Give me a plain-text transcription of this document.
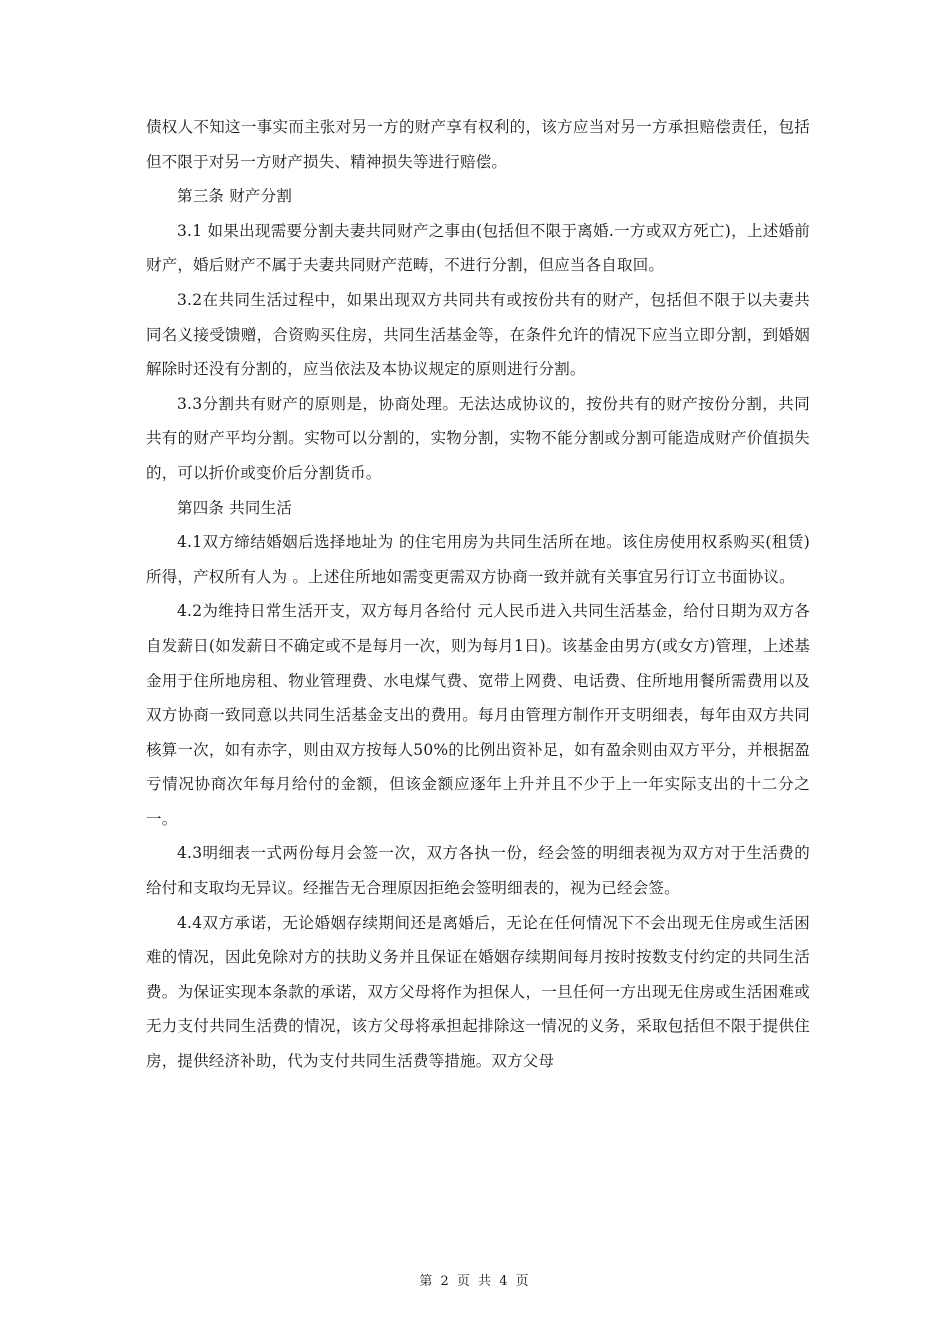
债权人不知这一事实而主张对另一方的财产享有权利的，该方应当对另一方承担赔偿责任，包括但不限于对另一方财产损失、精神损失等进行赔偿。

第三条 财产分割

3.1 如果出现需要分割夫妻共同财产之事由(包括但不限于离婚.一方或双方死亡)，上述婚前财产，婚后财产不属于夫妻共同财产范畴，不进行分割，但应当各自取回。

3.2在共同生活过程中，如果出现双方共同共有或按份共有的财产，包括但不限于以夫妻共同名义接受馈赠，合资购买住房，共同生活基金等，在条件允许的情况下应当立即分割，到婚姻解除时还没有分割的，应当依法及本协议规定的原则进行分割。

3.3分割共有财产的原则是，协商处理。无法达成协议的，按份共有的财产按份分割，共同共有的财产平均分割。实物可以分割的，实物分割，实物不能分割或分割可能造成财产价值损失的，可以折价或变价后分割货币。

第四条 共同生活

4.1双方缔结婚姻后选择地址为 的住宅用房为共同生活所在地。该住房使用权系购买(租赁)所得，产权所有人为 。上述住所地如需变更需双方协商一致并就有关事宜另行订立书面协议。

4.2为维持日常生活开支，双方每月各给付 元人民币进入共同生活基金，给付日期为双方各自发薪日(如发薪日不确定或不是每月一次，则为每月1日)。该基金由男方(或女方)管理，上述基金用于住所地房租、物业管理费、水电煤气费、宽带上网费、电话费、住所地用餐所需费用以及双方协商一致同意以共同生活基金支出的费用。每月由管理方制作开支明细表，每年由双方共同核算一次，如有赤字，则由双方按每人50%的比例出资补足，如有盈余则由双方平分，并根据盈亏情况协商次年每月给付的金额，但该金额应逐年上升并且不少于上一年实际支出的十二分之一。

4.3明细表一式两份每月会签一次，双方各执一份，经会签的明细表视为双方对于生活费的给付和支取均无异议。经摧告无合理原因拒绝会签明细表的，视为已经会签。

4.4双方承诺，无论婚姻存续期间还是离婚后，无论在任何情况下不会出现无住房或生活困难的情况，因此免除对方的扶助义务并且保证在婚姻存续期间每月按时按数支付约定的共同生活费。为保证实现本条款的承诺，双方父母将作为担保人，一旦任何一方出现无住房或生活困难或无力支付共同生活费的情况，该方父母将承担起排除这一情况的义务，采取包括但不限于提供住房，提供经济补助，代为支付共同生活费等措施。双方父母

第 2 页 共 4 页
